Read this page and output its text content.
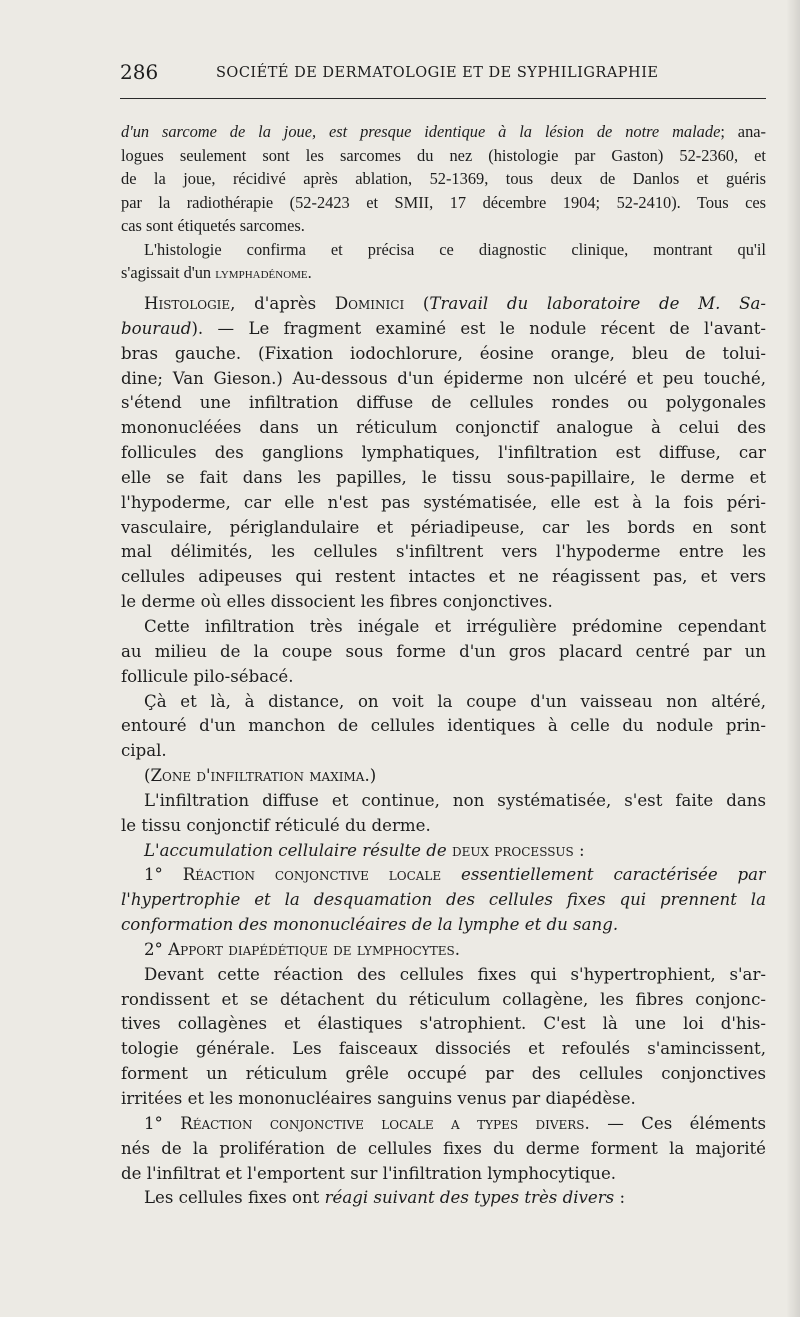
286	SOCIÉTÉ DE DERMATOLOGIE ET DE SYPHILIGRAPHIE
d'un sarcome de la joue, est presque identique à la lésion de notre malade; ana-
logues seulement sont les sarcomes du nez (histologie par Gaston) 52-2360, et
de la joue, récidivé après ablation, 52-1369, tous deux de Danlos et guéris
par la radiothérapie (52-2423 et SMII, 17 décembre 1904; 52-2410). Tous ces
cas sont étiquetés sarcomes.
L'histologie confirma et précisa ce diagnostic clinique, montrant qu'il
s'agissait d'un lymphadénome.
Histologie, d'après Dominici (Travail du laboratoire de M. Sa-
bouraud). — Le fragment examiné est le nodule récent de l'avant-
bras gauche. (Fixation iodochlorure, éosine orange, bleu de tolui-
dine; Van Gieson.) Au-dessous d'un épiderme non ulcéré et peu touché,
s'étend une infiltration diffuse de cellules rondes ou polygonales
mononucléées dans un réticulum conjonctif analogue à celui des
follicules des ganglions lymphatiques, l'infiltration est diffuse, car
elle se fait dans les papilles, le tissu sous-papillaire, le derme et
l'hypoderme, car elle n'est pas systématisée, elle est à la fois péri-
vasculaire, périglandulaire et périadipeuse, car les bords en sont
mal délimités, les cellules s'infiltrent vers l'hypoderme entre les
cellules adipeuses qui restent intactes et ne réagissent pas, et vers
le derme où elles dissocient les fibres conjonctives.
Cette infiltration très inégale et irrégulière prédomine cependant
au milieu de la coupe sous forme d'un gros placard centré par un
follicule pilo-sébacé.
Çà et là, à distance, on voit la coupe d'un vaisseau non altéré,
entouré d'un manchon de cellules identiques à celle du nodule prin-
cipal.
(Zone d'infiltration maxima.)
L'infiltration diffuse et continue, non systématisée, s'est faite dans
le tissu conjonctif réticulé du derme.
L'accumulation cellulaire résulte de deux processus :
1° Réaction conjonctive locale essentiellement caractérisée par
l'hypertrophie et la desquamation des cellules fixes qui prennent la
conformation des mononucléaires de la lymphe et du sang.
2° Apport diapédétique de lymphocytes.
Devant cette réaction des cellules fixes qui s'hypertrophient, s'ar-
rondissent et se détachent du réticulum collagène, les fibres conjonc-
tives collagènes et élastiques s'atrophient. C'est là une loi d'his-
tologie générale. Les faisceaux dissociés et refoulés s'amincissent,
forment un réticulum grêle occupé par des cellules conjonctives
irritées et les mononucléaires sanguins venus par diapédèse.
1° Réaction conjonctive locale a types divers. — Ces éléments
nés de la prolifération de cellules fixes du derme forment la majorité
de l'infiltrat et l'emportent sur l'infiltration lymphocytique.
Les cellules fixes ont réagi suivant des types très divers :
